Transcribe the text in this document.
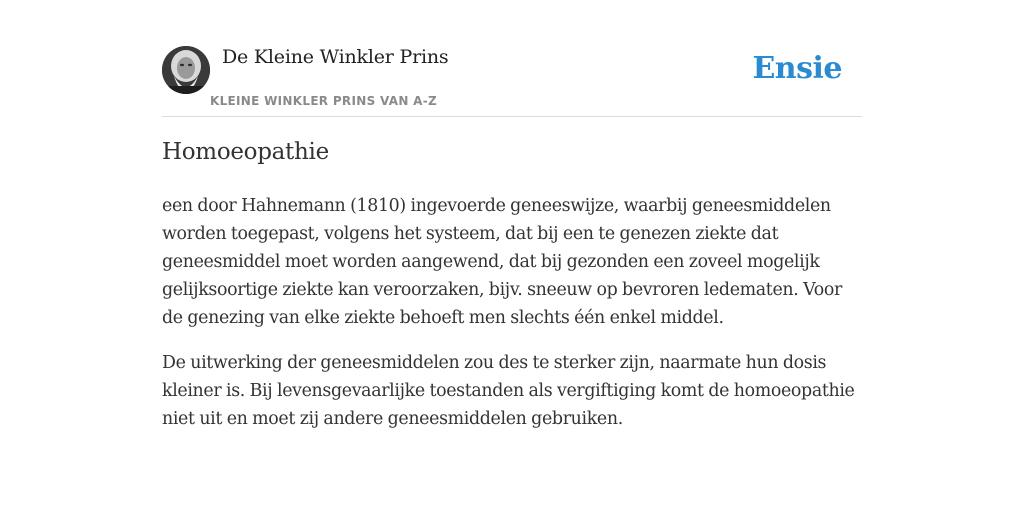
De Kleine Winkler Prins
KLEINE WINKLER PRINS VAN A-Z
Ensie
Homoeopathie

een door Hahnemann (1810) ingevoerde geneeswijze, waarbij geneesmiddelen worden toegepast, volgens het systeem, dat bij een te genezen ziekte dat geneesmiddel moet worden aangewend, dat bij gezonden een zoveel mogelijk gelijksoortige ziekte kan veroorzaken, bijv. sneeuw op bevroren ledematen. Voor de genezing van elke ziekte behoeft men slechts één enkel middel.

De uitwerking der geneesmiddelen zou des te sterker zijn, naarmate hun dosis kleiner is. Bij levensgevaarlijke toestanden als vergiftiging komt de homoeopathie niet uit en moet zij andere geneesmiddelen gebruiken.
